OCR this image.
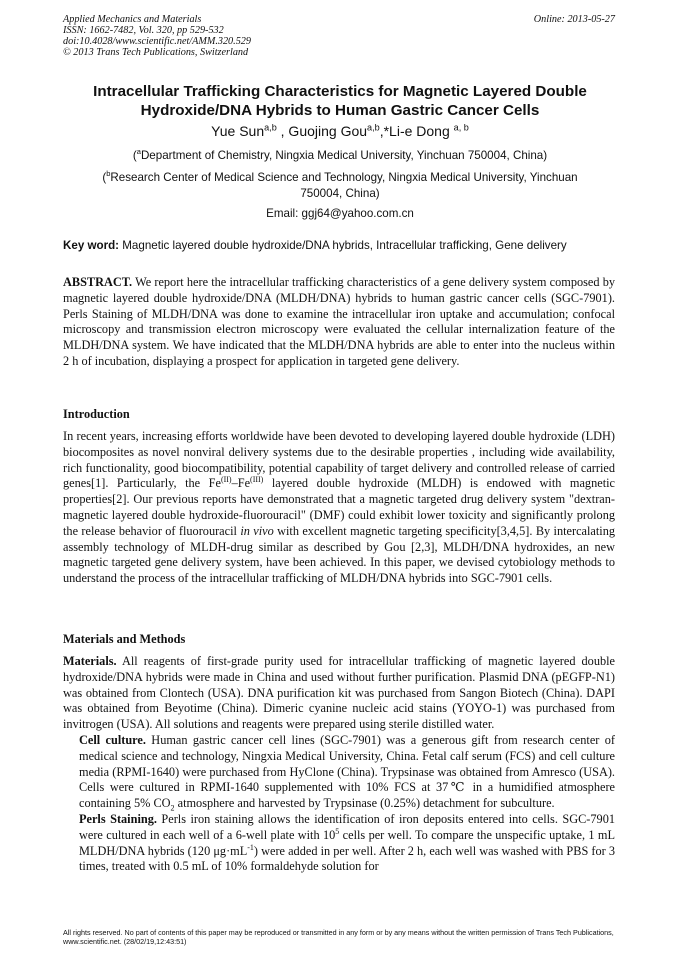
Applied Mechanics and Materials
ISSN: 1662-7482, Vol. 320, pp 529-532
doi:10.4028/www.scientific.net/AMM.320.529
© 2013 Trans Tech Publications, Switzerland
Online: 2013-05-27
Intracellular Trafficking Characteristics for Magnetic Layered Double
Hydroxide/DNA Hybrids to Human Gastric Cancer Cells
Yue Sun$^{a,b}$ , Guojing Gou$^{a,b}$,*Li-e Dong $^{a, b}$
($^a$Department of Chemistry, Ningxia Medical University, Yinchuan 750004, China)
($^b$Research Center of Medical Science and Technology, Ningxia Medical University, Yinchuan
750004, China)
Email: ggj64@yahoo.com.cn
Key word: Magnetic layered double hydroxide/DNA hybrids, Intracellular trafficking, Gene delivery
ABSTRACT. We report here the intracellular trafficking characteristics of a gene delivery system composed by magnetic layered double hydroxide/DNA (MLDH/DNA) hybrids to human gastric cancer cells (SGC-7901). Perls Staining of MLDH/DNA was done to examine the intracellular iron uptake and accumulation; confocal microscopy and transmission electron microscopy were evaluated the cellular internalization feature of the MLDH/DNA system. We have indicated that the MLDH/DNA hybrids are able to enter into the nucleus within 2 h of incubation, displaying a prospect for application in targeted gene delivery.
Introduction
In recent years, increasing efforts worldwide have been devoted to developing layered double hydroxide (LDH) biocomposites as novel nonviral delivery systems due to the desirable properties , including wide availability, rich functionality, good biocompatibility, potential capability of target delivery and controlled release of carried genes[1]. Particularly, the $Fe^{(II)}-Fe^{(III)}$ layered double hydroxide (MLDH) is endowed with magnetic properties[2]. Our previous reports have demonstrated that a magnetic targeted drug delivery system "dextran-magnetic layered double hydroxide-fluorouracil" (DMF) could exhibit lower toxicity and significantly prolong the release behavior of fluorouracil in vivo with excellent magnetic targeting specificity[3,4,5]. By intercalating assembly technology of MLDH-drug similar as described by Gou [2,3], MLDH/DNA hydroxides, an new magnetic targeted gene delivery system, have been achieved. In this paper, we devised cytobiology methods to understand the process of the intracellular trafficking of MLDH/DNA hybrids into SGC-7901 cells.
Materials and Methods
Materials. All reagents of first-grade purity used for intracellular trafficking of magnetic layered double hydroxide/DNA hybrids were made in China and used without further purification. Plasmid DNA (pEGFP-N1) was obtained from Clontech (USA). DNA purification kit was purchased from Sangon Biotech (China). DAPI was obtained from Beyotime (China). Dimeric cyanine nucleic acid stains (YOYO-1) was purchased from invitrogen (USA). All solutions and reagents were prepared using sterile distilled water.
Cell culture. Human gastric cancer cell lines (SGC-7901) was a generous gift from research center of medical science and technology, Ningxia Medical University, China. Fetal calf serum (FCS) and cell culture media (RPMI-1640) were purchased from HyClone (China). Trypsinase was obtained from Amresco (USA). Cells were cultured in RPMI-1640 supplemented with 10% FCS at 37℃ in a humidified atmosphere containing 5% $CO_2$ atmosphere and harvested by Trypsinase (0.25%) detachment for subculture.
Perls Staining. Perls iron staining allows the identification of iron deposits entered into cells. SGC-7901 were cultured in each well of a 6-well plate with $10^5$ cells per well. To compare the unspecific uptake, 1 mL MLDH/DNA hybrids (120 $\mu g\cdot mL^{-1}$) were added in per well. After 2 h, each well was washed with PBS for 3 times, treated with 0.5 mL of 10% formaldehyde solution for
All rights reserved. No part of contents of this paper may be reproduced or transmitted in any form or by any means without the written permission of Trans Tech Publications, www.scientific.net. (28/02/19,12:43:51)
